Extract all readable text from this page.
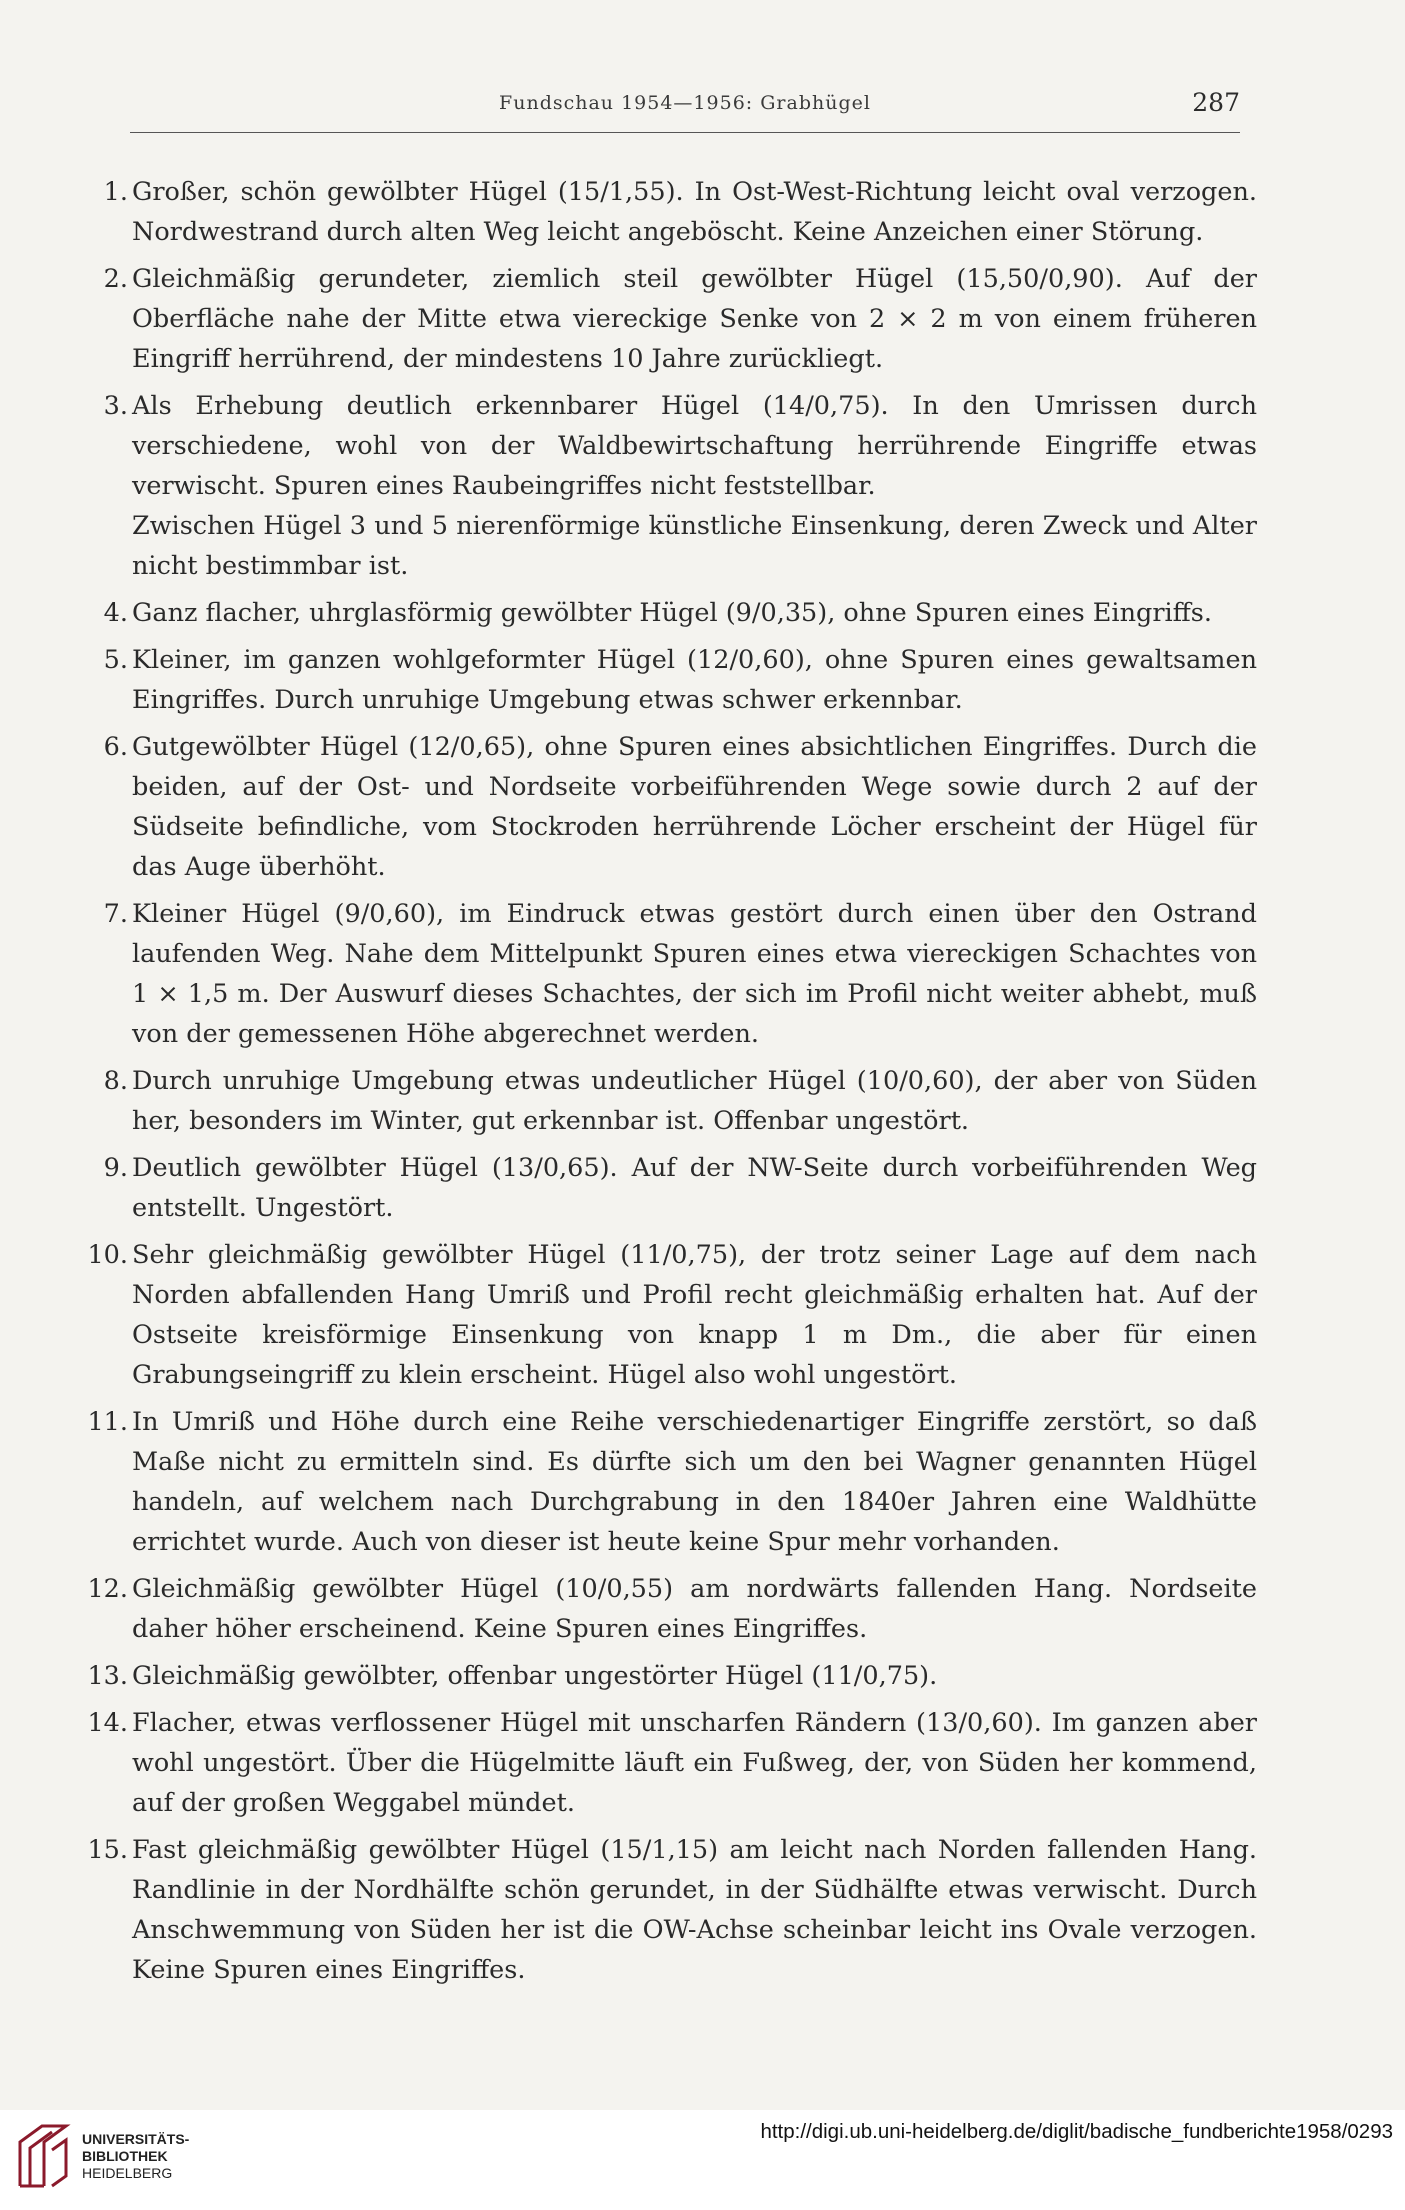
Fundschau 1954—1956: Grabhügel	287
1. Großer, schön gewölbter Hügel (15/1,55). In Ost-West-Richtung leicht oval verzogen. Nordwestrand durch alten Weg leicht angeböscht. Keine Anzeichen einer Störung.
2. Gleichmäßig gerundeter, ziemlich steil gewölbter Hügel (15,50/0,90). Auf der Oberfläche nahe der Mitte etwa viereckige Senke von 2 × 2 m von einem früheren Eingriff herrührend, der mindestens 10 Jahre zurückliegt.
3. Als Erhebung deutlich erkennbarer Hügel (14/0,75). In den Umrissen durch verschiedene, wohl von der Waldbewirtschaftung herrührende Eingriffe etwas verwischt. Spuren eines Raubeingriffes nicht feststellbar.
Zwischen Hügel 3 und 5 nierenförmige künstliche Einsenkung, deren Zweck und Alter nicht bestimmbar ist.
4. Ganz flacher, uhrglasförmig gewölbter Hügel (9/0,35), ohne Spuren eines Eingriffs.
5. Kleiner, im ganzen wohlgeformter Hügel (12/0,60), ohne Spuren eines gewaltsamen Eingriffes. Durch unruhige Umgebung etwas schwer erkennbar.
6. Gutgewölbter Hügel (12/0,65), ohne Spuren eines absichtlichen Eingriffes. Durch die beiden, auf der Ost- und Nordseite vorbeiführenden Wege sowie durch 2 auf der Südseite befindliche, vom Stockroden herrührende Löcher erscheint der Hügel für das Auge überhöht.
7. Kleiner Hügel (9/0,60), im Eindruck etwas gestört durch einen über den Ostrand laufenden Weg. Nahe dem Mittelpunkt Spuren eines etwa viereckigen Schachtes von 1 × 1,5 m. Der Auswurf dieses Schachtes, der sich im Profil nicht weiter abhebt, muß von der gemessenen Höhe abgerechnet werden.
8. Durch unruhige Umgebung etwas undeutlicher Hügel (10/0,60), der aber von Süden her, besonders im Winter, gut erkennbar ist. Offenbar ungestört.
9. Deutlich gewölbter Hügel (13/0,65). Auf der NW-Seite durch vorbeiführenden Weg entstellt. Ungestört.
10. Sehr gleichmäßig gewölbter Hügel (11/0,75), der trotz seiner Lage auf dem nach Norden abfallenden Hang Umriß und Profil recht gleichmäßig erhalten hat. Auf der Ostseite kreisförmige Einsenkung von knapp 1 m Dm., die aber für einen Grabungseingriff zu klein erscheint. Hügel also wohl ungestört.
11. In Umriß und Höhe durch eine Reihe verschiedenartiger Eingriffe zerstört, so daß Maße nicht zu ermitteln sind. Es dürfte sich um den bei Wagner genannten Hügel handeln, auf welchem nach Durchgrabung in den 1840er Jahren eine Waldhütte errichtet wurde. Auch von dieser ist heute keine Spur mehr vorhanden.
12. Gleichmäßig gewölbter Hügel (10/0,55) am nordwärts fallenden Hang. Nordseite daher höher erscheinend. Keine Spuren eines Eingriffes.
13. Gleichmäßig gewölbter, offenbar ungestörter Hügel (11/0,75).
14. Flacher, etwas verflossener Hügel mit unscharfen Rändern (13/0,60). Im ganzen aber wohl ungestört. Über die Hügelmitte läuft ein Fußweg, der, von Süden her kommend, auf der großen Weggabel mündet.
15. Fast gleichmäßig gewölbter Hügel (15/1,15) am leicht nach Norden fallenden Hang. Randlinie in der Nordhälfte schön gerundet, in der Südhälfte etwas verwischt. Durch Anschwemmung von Süden her ist die OW-Achse scheinbar leicht ins Ovale verzogen. Keine Spuren eines Eingriffes.
UNIVERSITÄTS-
BIBLIOTHEK
HEIDELBERG
http://digi.ub.uni-heidelberg.de/diglit/badische_fundberichte1958/0293
